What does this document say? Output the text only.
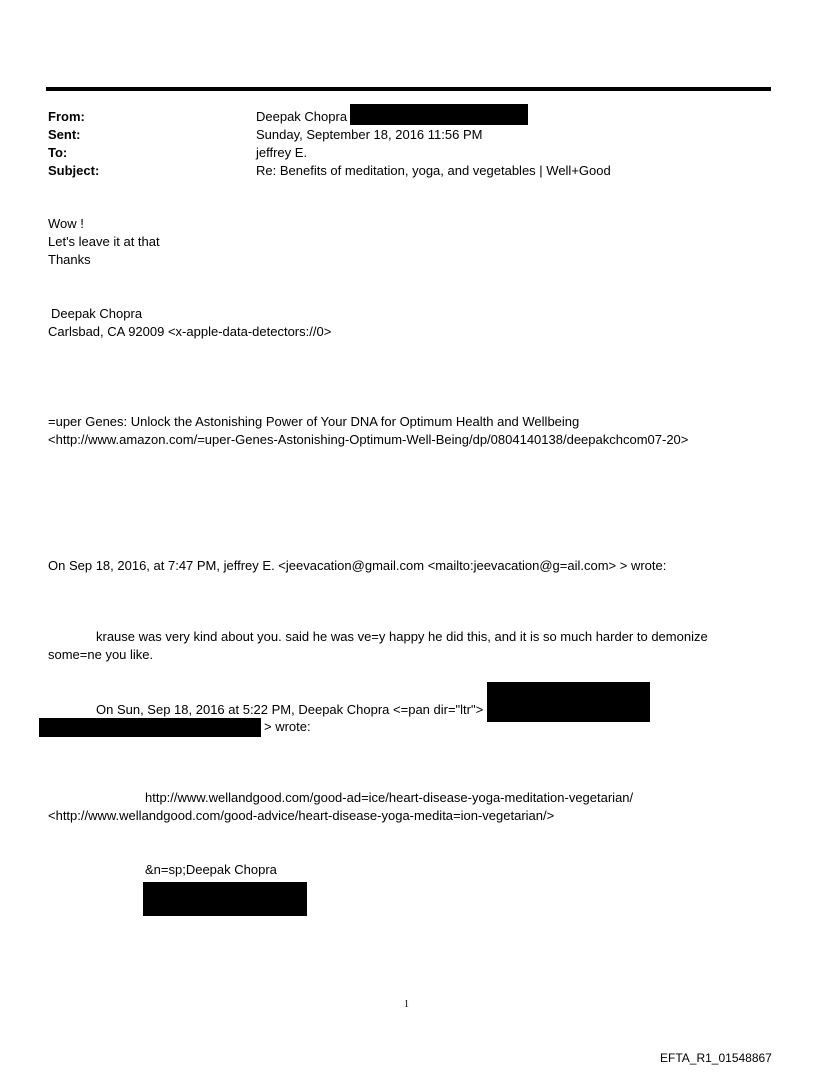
From:	Deepak Chopra
Sent:	Sunday, September 18, 2016 11:56 PM
To:	jeffrey E.
Subject:	Re: Benefits of meditation, yoga, and vegetables | Well+Good
Wow !
Let's leave it at that
Thanks
Deepak Chopra
Carlsbad, CA 92009 <x-apple-data-detectors://0>
=uper Genes: Unlock the Astonishing Power of Your DNA for Optimum Health and Wellbeing
<http://www.amazon.com/=uper-Genes-Astonishing-Optimum-Well-Being/dp/0804140138/deepakchcom07-20>
On Sep 18, 2016, at 7:47 PM, jeffrey E. <jeevacation@gmail.com <mailto:jeevacation@g=ail.com> > wrote:
krause was very kind about you. said he was ve=y happy he did this, and it is so much harder to demonize
some=ne you like.
On Sun, Sep 18, 2016 at 5:22 PM, Deepak Chopra <=pan dir="ltr">
> wrote:
http://www.wellandgood.com/good-ad=ice/heart-disease-yoga-meditation-vegetarian/
<http://www.wellandgood.com/good-advice/heart-disease-yoga-medita=ion-vegetarian/>
&n=sp;Deepak Chopra
1
EFTA_R1_01548867
